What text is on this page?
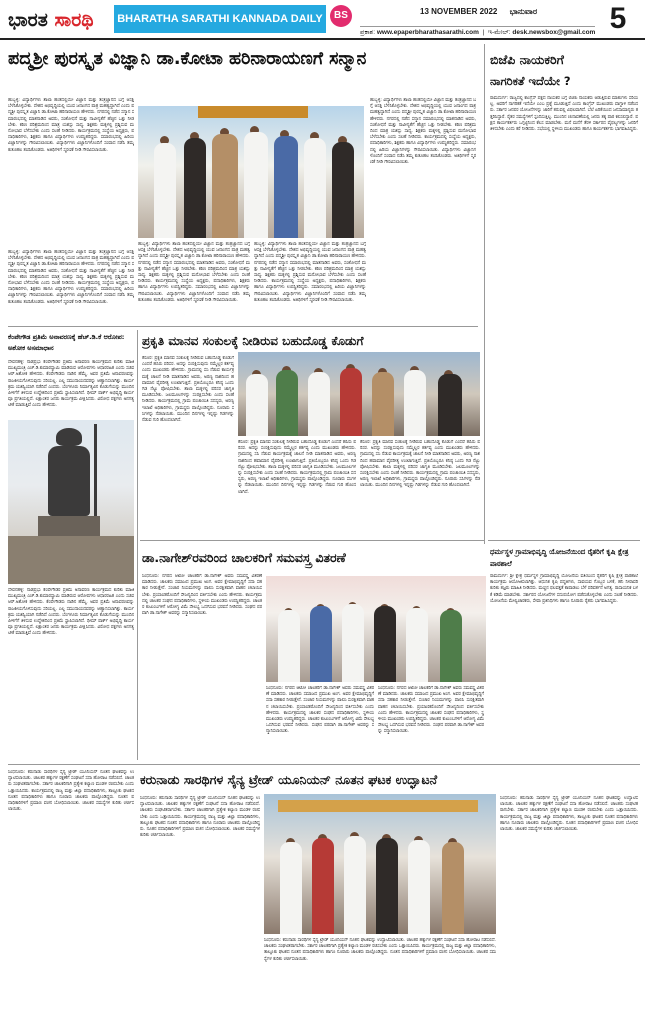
ಭಾರತ ಸಾರಥಿ	BHARATHA SARATHI KANNADA DAILY	BS	13 NOVEMBER 2022 ಭಾನುವಾರ	5
ಪ್ರಕಾಶ: www.epaperbharathasarathi.com  |  ಇ-ಮೇಲ್: desk.newsbox@gmail.com
ಪದ್ಮಶ್ರೀ ಪುರಸ್ಕೃತ ವಿಜ್ಞಾನಿ ಡಾ.ಕೋಟಾ ಹರಿನಾರಾಯಣಗೆ ಸನ್ಮಾನ
ಹುಬ್ಬಳ್ಳಿ: ವಿದ್ಯಾರ್ಥಿಗಳು ಶಾಲಾ ಹಂತದಲ್ಲಿಯೇ ವಿಜ್ಞಾನ ಮತ್ತು ತಂತ್ರಜ್ಞಾನದ ಬಗ್ಗೆ ಆಸಕ್ತಿ ಬೆಳೆಸಿಕೊಳ್ಳಬೇಕು. ದೇಶದ ಅಭಿವೃದ್ಧಿಯಲ್ಲಿ ಯುವ ಜನಾಂಗದ ಪಾತ್ರ ಮಹತ್ವದ್ದಾಗಿದೆ ಎಂದು ಪದ್ಮಶ್ರೀ ಪುರಸ್ಕೃತ ವಿಜ್ಞಾನಿ ಡಾ.ಕೋಟಾ ಹರಿನಾರಾಯಣ ಹೇಳಿದರು. ನಗರದಲ್ಲಿ ನಡೆದ ಸನ್ಮಾನ ಸಮಾರಂಭದಲ್ಲಿ ಮಾತನಾಡಿದ ಅವರು, ಸಂಶೋಧನೆ ಮತ್ತು ನಾವೀನ್ಯತೆಗೆ ಹೆಚ್ಚಿನ ಒತ್ತು ನೀಡಬೇಕು. ಕಠಿಣ ಪರಿಶ್ರಮದಿಂದ ಮಾತ್ರ ಯಶಸ್ಸು ಸಾಧ್ಯ. ಶಿಕ್ಷಕರು ಮಕ್ಕಳಲ್ಲಿ ಪ್ರಶ್ನಿಸುವ ಮನೋಭಾವ ಬೆಳೆಸಬೇಕು ಎಂದು ಸಲಹೆ ನೀಡಿದರು. ಕಾರ್ಯಕ್ರಮದಲ್ಲಿ ಸಂಸ್ಥೆಯ ಅಧ್ಯಕ್ಷರು, ಪದಾಧಿಕಾರಿಗಳು, ಶಿಕ್ಷಕರು ಹಾಗೂ ವಿದ್ಯಾರ್ಥಿಗಳು ಉಪಸ್ಥಿತರಿದ್ದರು. ಸಮಾರಂಭದಲ್ಲಿ ಹಿರಿಯ ವಿಜ್ಞಾನಿಗಳನ್ನು ಗೌರವಿಸಲಾಯಿತು. ವಿದ್ಯಾರ್ಥಿಗಳು ವಿಜ್ಞಾನಿಗಳೊಂದಿಗೆ ಸಂವಾದ ನಡೆಸಿ ತಮ್ಮ ಕುತೂಹಲ ತಣಿಸಿಕೊಂಡರು. ಅತಿಥಿಗಳಿಗೆ ಸ್ಮರಣಿಕೆ ನೀಡಿ ಗೌರವಿಸಲಾಯಿತು.
ಹುಬ್ಬಳ್ಳಿ: ವಿದ್ಯಾರ್ಥಿಗಳು ಶಾಲಾ ಹಂತದಲ್ಲಿಯೇ ವಿಜ್ಞಾನ ಮತ್ತು ತಂತ್ರಜ್ಞಾನದ ಬಗ್ಗೆ ಆಸಕ್ತಿ ಬೆಳೆಸಿಕೊಳ್ಳಬೇಕು. ದೇಶದ ಅಭಿವೃದ್ಧಿಯಲ್ಲಿ ಯುವ ಜನಾಂಗದ ಪಾತ್ರ ಮಹತ್ವದ್ದಾಗಿದೆ ಎಂದು ಪದ್ಮಶ್ರೀ ಪುರಸ್ಕೃತ ವಿಜ್ಞಾನಿ ಡಾ.ಕೋಟಾ ಹರಿನಾರಾಯಣ ಹೇಳಿದರು. ನಗರದಲ್ಲಿ ನಡೆದ ಸನ್ಮಾನ ಸಮಾರಂಭದಲ್ಲಿ ಮಾತನಾಡಿದ ಅವರು, ಸಂಶೋಧನೆ ಮತ್ತು ನಾವೀನ್ಯತೆಗೆ ಹೆಚ್ಚಿನ ಒತ್ತು ನೀಡಬೇಕು. ಕಠಿಣ ಪರಿಶ್ರಮದಿಂದ ಮಾತ್ರ ಯಶಸ್ಸು ಸಾಧ್ಯ. ಶಿಕ್ಷಕರು ಮಕ್ಕಳಲ್ಲಿ ಪ್ರಶ್ನಿಸುವ ಮನೋಭಾವ ಬೆಳೆಸಬೇಕು ಎಂದು ಸಲಹೆ ನೀಡಿದರು. ಕಾರ್ಯಕ್ರಮದಲ್ಲಿ ಸಂಸ್ಥೆಯ ಅಧ್ಯಕ್ಷರು, ಪದಾಧಿಕಾರಿಗಳು, ಶಿಕ್ಷಕರು ಹಾಗೂ ವಿದ್ಯಾರ್ಥಿಗಳು ಉಪಸ್ಥಿತರಿದ್ದರು. ಸಮಾರಂಭದಲ್ಲಿ ಹಿರಿಯ ವಿಜ್ಞಾನಿಗಳನ್ನು ಗೌರವಿಸಲಾಯಿತು. ವಿದ್ಯಾರ್ಥಿಗಳು ವಿಜ್ಞಾನಿಗಳೊಂದಿಗೆ ಸಂವಾದ ನಡೆಸಿ ತಮ್ಮ ಕುತೂಹಲ ತಣಿಸಿಕೊಂಡರು. ಅತಿಥಿಗಳಿಗೆ ಸ್ಮರಣಿಕೆ ನೀಡಿ ಗೌರವಿಸಲಾಯಿತು.
ಹುಬ್ಬಳ್ಳಿ: ವಿದ್ಯಾರ್ಥಿಗಳು ಶಾಲಾ ಹಂತದಲ್ಲಿಯೇ ವಿಜ್ಞಾನ ಮತ್ತು ತಂತ್ರಜ್ಞಾನದ ಬಗ್ಗೆ ಆಸಕ್ತಿ ಬೆಳೆಸಿಕೊಳ್ಳಬೇಕು. ದೇಶದ ಅಭಿವೃದ್ಧಿಯಲ್ಲಿ ಯುವ ಜನಾಂಗದ ಪಾತ್ರ ಮಹತ್ವದ್ದಾಗಿದೆ ಎಂದು ಪದ್ಮಶ್ರೀ ಪುರಸ್ಕೃತ ವಿಜ್ಞಾನಿ ಡಾ.ಕೋಟಾ ಹರಿನಾರಾಯಣ ಹೇಳಿದರು. ನಗರದಲ್ಲಿ ನಡೆದ ಸನ್ಮಾನ ಸಮಾರಂಭದಲ್ಲಿ ಮಾತನಾಡಿದ ಅವರು, ಸಂಶೋಧನೆ ಮತ್ತು ನಾವೀನ್ಯತೆಗೆ ಹೆಚ್ಚಿನ ಒತ್ತು ನೀಡಬೇಕು. ಕಠಿಣ ಪರಿಶ್ರಮದಿಂದ ಮಾತ್ರ ಯಶಸ್ಸು ಸಾಧ್ಯ. ಶಿಕ್ಷಕರು ಮಕ್ಕಳಲ್ಲಿ ಪ್ರಶ್ನಿಸುವ ಮನೋಭಾವ ಬೆಳೆಸಬೇಕು ಎಂದು ಸಲಹೆ ನೀಡಿದರು. ಕಾರ್ಯಕ್ರಮದಲ್ಲಿ ಸಂಸ್ಥೆಯ ಅಧ್ಯಕ್ಷರು, ಪದಾಧಿಕಾರಿಗಳು, ಶಿಕ್ಷಕರು ಹಾಗೂ ವಿದ್ಯಾರ್ಥಿಗಳು ಉಪಸ್ಥಿತರಿದ್ದರು. ಸಮಾರಂಭದಲ್ಲಿ ಹಿರಿಯ ವಿಜ್ಞಾನಿಗಳನ್ನು ಗೌರವಿಸಲಾಯಿತು. ವಿದ್ಯಾರ್ಥಿಗಳು ವಿಜ್ಞಾನಿಗಳೊಂದಿಗೆ ಸಂವಾದ ನಡೆಸಿ ತಮ್ಮ ಕುತೂಹಲ ತಣಿಸಿಕೊಂಡರು. ಅತಿಥಿಗಳಿಗೆ ಸ್ಮರಣಿಕೆ ನೀಡಿ ಗೌರವಿಸಲಾಯಿತು.
ಹುಬ್ಬಳ್ಳಿ: ವಿದ್ಯಾರ್ಥಿಗಳು ಶಾಲಾ ಹಂತದಲ್ಲಿಯೇ ವಿಜ್ಞಾನ ಮತ್ತು ತಂತ್ರಜ್ಞಾನದ ಬಗ್ಗೆ ಆಸಕ್ತಿ ಬೆಳೆಸಿಕೊಳ್ಳಬೇಕು. ದೇಶದ ಅಭಿವೃದ್ಧಿಯಲ್ಲಿ ಯುವ ಜನಾಂಗದ ಪಾತ್ರ ಮಹತ್ವದ್ದಾಗಿದೆ ಎಂದು ಪದ್ಮಶ್ರೀ ಪುರಸ್ಕೃತ ವಿಜ್ಞಾನಿ ಡಾ.ಕೋಟಾ ಹರಿನಾರಾಯಣ ಹೇಳಿದರು. ನಗರದಲ್ಲಿ ನಡೆದ ಸನ್ಮಾನ ಸಮಾರಂಭದಲ್ಲಿ ಮಾತನಾಡಿದ ಅವರು, ಸಂಶೋಧನೆ ಮತ್ತು ನಾವೀನ್ಯತೆಗೆ ಹೆಚ್ಚಿನ ಒತ್ತು ನೀಡಬೇಕು. ಕಠಿಣ ಪರಿಶ್ರಮದಿಂದ ಮಾತ್ರ ಯಶಸ್ಸು ಸಾಧ್ಯ. ಶಿಕ್ಷಕರು ಮಕ್ಕಳಲ್ಲಿ ಪ್ರಶ್ನಿಸುವ ಮನೋಭಾವ ಬೆಳೆಸಬೇಕು ಎಂದು ಸಲಹೆ ನೀಡಿದರು. ಕಾರ್ಯಕ್ರಮದಲ್ಲಿ ಸಂಸ್ಥೆಯ ಅಧ್ಯಕ್ಷರು, ಪದಾಧಿಕಾರಿಗಳು, ಶಿಕ್ಷಕರು ಹಾಗೂ ವಿದ್ಯಾರ್ಥಿಗಳು ಉಪಸ್ಥಿತರಿದ್ದರು. ಸಮಾರಂಭದಲ್ಲಿ ಹಿರಿಯ ವಿಜ್ಞಾನಿಗಳನ್ನು ಗೌರವಿಸಲಾಯಿತು. ವಿದ್ಯಾರ್ಥಿಗಳು ವಿಜ್ಞಾನಿಗಳೊಂದಿಗೆ ಸಂವಾದ ನಡೆಸಿ ತಮ್ಮ ಕುತೂಹಲ ತಣಿಸಿಕೊಂಡರು. ಅತಿಥಿಗಳಿಗೆ ಸ್ಮರಣಿಕೆ ನೀಡಿ ಗೌರವಿಸಲಾಯಿತು.
ಹುಬ್ಬಳ್ಳಿ: ವಿದ್ಯಾರ್ಥಿಗಳು ಶಾಲಾ ಹಂತದಲ್ಲಿಯೇ ವಿಜ್ಞಾನ ಮತ್ತು ತಂತ್ರಜ್ಞಾನದ ಬಗ್ಗೆ ಆಸಕ್ತಿ ಬೆಳೆಸಿಕೊಳ್ಳಬೇಕು. ದೇಶದ ಅಭಿವೃದ್ಧಿಯಲ್ಲಿ ಯುವ ಜನಾಂಗದ ಪಾತ್ರ ಮಹತ್ವದ್ದಾಗಿದೆ ಎಂದು ಪದ್ಮಶ್ರೀ ಪುರಸ್ಕೃತ ವಿಜ್ಞಾನಿ ಡಾ.ಕೋಟಾ ಹರಿನಾರಾಯಣ ಹೇಳಿದರು. ನಗರದಲ್ಲಿ ನಡೆದ ಸನ್ಮಾನ ಸಮಾರಂಭದಲ್ಲಿ ಮಾತನಾಡಿದ ಅವರು, ಸಂಶೋಧನೆ ಮತ್ತು ನಾವೀನ್ಯತೆಗೆ ಹೆಚ್ಚಿನ ಒತ್ತು ನೀಡಬೇಕು. ಕಠಿಣ ಪರಿಶ್ರಮದಿಂದ ಮಾತ್ರ ಯಶಸ್ಸು ಸಾಧ್ಯ. ಶಿಕ್ಷಕರು ಮಕ್ಕಳಲ್ಲಿ ಪ್ರಶ್ನಿಸುವ ಮನೋಭಾವ ಬೆಳೆಸಬೇಕು ಎಂದು ಸಲಹೆ ನೀಡಿದರು. ಕಾರ್ಯಕ್ರಮದಲ್ಲಿ ಸಂಸ್ಥೆಯ ಅಧ್ಯಕ್ಷರು, ಪದಾಧಿಕಾರಿಗಳು, ಶಿಕ್ಷಕರು ಹಾಗೂ ವಿದ್ಯಾರ್ಥಿಗಳು ಉಪಸ್ಥಿತರಿದ್ದರು. ಸಮಾರಂಭದಲ್ಲಿ ಹಿರಿಯ ವಿಜ್ಞಾನಿಗಳನ್ನು ಗೌರವಿಸಲಾಯಿತು. ವಿದ್ಯಾರ್ಥಿಗಳು ವಿಜ್ಞಾನಿಗಳೊಂದಿಗೆ ಸಂವಾದ ನಡೆಸಿ ತಮ್ಮ ಕುತೂಹಲ ತಣಿಸಿಕೊಂಡರು. ಅತಿಥಿಗಳಿಗೆ ಸ್ಮರಣಿಕೆ ನೀಡಿ ಗೌರವಿಸಲಾಯಿತು.
ಬಿಜೆಪಿ ನಾಯಕರಿಗೆ
ನಾಗರಿಕತೆ ಇದೆಯೇ ?
ರಾಮದುರ್ಗ: ರಾಜ್ಯದಲ್ಲಿ ಕಾಂಗ್ರೆಸ್ ಪಕ್ಷದ ನಾಯಕರ ಬಗ್ಗೆ ಬಿಜೆಪಿ ನಾಯಕರು ಆಡುತ್ತಿರುವ ಮಾತುಗಳು ಸರಿಯಲ್ಲ. ಅವರಿಗೆ ನಾಗರಿಕತೆ ಇದೆಯೇ ಎಂಬ ಪ್ರಶ್ನೆ ಮೂಡುತ್ತಿದೆ ಎಂದು ಕಾಂಗ್ರೆಸ್ ಮುಖಂಡರು ವಾಗ್ದಾಳಿ ನಡೆಸಿದರು. ಸರ್ಕಾರ ಜನಪರ ಯೋಜನೆಗಳನ್ನು ಜಾರಿಗೆ ತರುವಲ್ಲಿ ವಿಫಲವಾಗಿದೆ. ಬೆಲೆ ಏರಿಕೆಯಿಂದ ಜನಸಾಮಾನ್ಯರು ತತ್ತರಿಸಿದ್ದಾರೆ. ರೈತರ ಸಮಸ್ಯೆಗಳಿಗೆ ಸ್ಪಂದಿಸುತ್ತಿಲ್ಲ. ಮುಂದಿನ ಚುನಾವಣೆಯಲ್ಲಿ ಜನರು ತಕ್ಕ ಪಾಠ ಕಲಿಸಲಿದ್ದಾರೆ. ಪಕ್ಷದ ಕಾರ್ಯಕರ್ತರು ಒಗ್ಗಟ್ಟಿನಿಂದ ಕೆಲಸ ಮಾಡಬೇಕು. ಮನೆ ಮನೆಗೆ ತೆರಳಿ ಸರ್ಕಾರದ ವೈಫಲ್ಯಗಳನ್ನು ಜನರಿಗೆ ತಿಳಿಸಬೇಕು ಎಂದು ಕರೆ ನೀಡಿದರು. ಸಭೆಯಲ್ಲಿ ಸ್ಥಳೀಯ ಮುಖಂಡರು ಹಾಗೂ ಕಾರ್ಯಕರ್ತರು ಭಾಗವಹಿಸಿದ್ದರು.
ಕೆಂಪೇಗೌಡ ಪ್ರತಿಮೆ ಅನಾವರಣಕ್ಕೆ ಹೆಚ್.ಡಿ.ಕೆ ಆರೋಪ: ಅಶೋಕ ಅಸಮಾಧಾನ
ದೇವನಹಳ್ಳಿ: ನಾಡಪ್ರಭು ಕೆಂಪೇಗೌಡರ ಪ್ರತಿಮೆ ಅನಾವರಣ ಕಾರ್ಯಕ್ರಮದ ಕುರಿತು ಮಾಜಿ ಮುಖ್ಯಮಂತ್ರಿ ಎಚ್.ಡಿ.ಕುಮಾರಸ್ವಾಮಿ ಮಾಡಿರುವ ಆರೋಪಗಳು ಆಧಾರರಹಿತ ಎಂದು ಸಚಿವ ಆರ್.ಅಶೋಕ ಹೇಳಿದರು. ಕೆಂಪೇಗೌಡರು ನಾಡಿನ ಹೆಮ್ಮೆ. ಅವರ ಪ್ರತಿಮೆ ಅನಾವರಣವನ್ನು ರಾಜಕೀಯಗೊಳಿಸುವುದು ಸರಿಯಲ್ಲ. ಎಲ್ಲ ಸಮುದಾಯದವರನ್ನು ಆಹ್ವಾನಿಸಲಾಗಿತ್ತು. ಕಾರ್ಯಕ್ರಮ ಯಶಸ್ವಿಯಾಗಿ ನಡೆದಿದೆ ಎಂದರು. ಬೆಂಗಳೂರು ನಿರ್ಮಾತೃವಿನ ಕೊಡುಗೆಯನ್ನು ಮುಂದಿನ ಪೀಳಿಗೆಗೆ ತಿಳಿಸುವ ಉದ್ದೇಶದಿಂದ ಪ್ರತಿಮೆ ಸ್ಥಾಪಿಸಲಾಗಿದೆ. ಥೀಮ್ ಪಾರ್ಕ್ ಅಭಿವೃದ್ಧಿ ಕಾರ್ಯವೂ ಪ್ರಗತಿಯಲ್ಲಿದೆ. ಲಕ್ಷಾಂತರ ಜನರು ಕಾರ್ಯಕ್ರಮ ವೀಕ್ಷಿಸಿದರು. ವಿರೋಧ ಪಕ್ಷಗಳು ಅನಗತ್ಯ ಟೀಕೆ ಮಾಡುತ್ತಿವೆ ಎಂದು ಹೇಳಿದರು.
ದೇವನಹಳ್ಳಿ: ನಾಡಪ್ರಭು ಕೆಂಪೇಗೌಡರ ಪ್ರತಿಮೆ ಅನಾವರಣ ಕಾರ್ಯಕ್ರಮದ ಕುರಿತು ಮಾಜಿ ಮುಖ್ಯಮಂತ್ರಿ ಎಚ್.ಡಿ.ಕುಮಾರಸ್ವಾಮಿ ಮಾಡಿರುವ ಆರೋಪಗಳು ಆಧಾರರಹಿತ ಎಂದು ಸಚಿವ ಆರ್.ಅಶೋಕ ಹೇಳಿದರು. ಕೆಂಪೇಗೌಡರು ನಾಡಿನ ಹೆಮ್ಮೆ. ಅವರ ಪ್ರತಿಮೆ ಅನಾವರಣವನ್ನು ರಾಜಕೀಯಗೊಳಿಸುವುದು ಸರಿಯಲ್ಲ. ಎಲ್ಲ ಸಮುದಾಯದವರನ್ನು ಆಹ್ವಾನಿಸಲಾಗಿತ್ತು. ಕಾರ್ಯಕ್ರಮ ಯಶಸ್ವಿಯಾಗಿ ನಡೆದಿದೆ ಎಂದರು. ಬೆಂಗಳೂರು ನಿರ್ಮಾತೃವಿನ ಕೊಡುಗೆಯನ್ನು ಮುಂದಿನ ಪೀಳಿಗೆಗೆ ತಿಳಿಸುವ ಉದ್ದೇಶದಿಂದ ಪ್ರತಿಮೆ ಸ್ಥಾಪಿಸಲಾಗಿದೆ. ಥೀಮ್ ಪಾರ್ಕ್ ಅಭಿವೃದ್ಧಿ ಕಾರ್ಯವೂ ಪ್ರಗತಿಯಲ್ಲಿದೆ. ಲಕ್ಷಾಂತರ ಜನರು ಕಾರ್ಯಕ್ರಮ ವೀಕ್ಷಿಸಿದರು. ವಿರೋಧ ಪಕ್ಷಗಳು ಅನಗತ್ಯ ಟೀಕೆ ಮಾಡುತ್ತಿವೆ ಎಂದು ಹೇಳಿದರು.
ಪ್ರಕೃತಿ ಮಾನವ ಸಂಕುಲಕ್ಕೆ ನೀಡಿರುವ ಬಹುದೊಡ್ಡ ಕೊಡುಗೆ
ಕೆರೂರ: ಪ್ರಕೃತಿ ಮಾನವ ಸಂಕುಲಕ್ಕೆ ನೀಡಿರುವ ಬಹುದೊಡ್ಡ ಕೊಡುಗೆ ಎಂದರೆ ಹಸಿರು ಪರಿಸರ. ಅದನ್ನು ಸಂರಕ್ಷಿಸುವುದು ನಮ್ಮೆಲ್ಲರ ಕರ್ತವ್ಯ ಎಂದು ಮುಖಂಡರು ಹೇಳಿದರು. ಗ್ರಾಮದಲ್ಲಿ ಸಸಿ ನೆಡುವ ಕಾರ್ಯಕ್ರಮಕ್ಕೆ ಚಾಲನೆ ನೀಡಿ ಮಾತನಾಡಿದ ಅವರು, ಅರಣ್ಯ ನಾಶದಿಂದ ಹವಾಮಾನ ವೈಪರೀತ್ಯ ಉಂಟಾಗುತ್ತಿದೆ. ಪ್ರತಿಯೊಬ್ಬರೂ ಕನಿಷ್ಠ ಒಂದು ಗಿಡ ನೆಟ್ಟು ಪೋಷಿಸಬೇಕು. ಶಾಲಾ ಮಕ್ಕಳಲ್ಲಿ ಪರಿಸರ ಜಾಗೃತಿ ಮೂಡಿಸಬೇಕು. ಜಲಮೂಲಗಳನ್ನು ಸಂರಕ್ಷಿಸಬೇಕು ಎಂದು ಸಲಹೆ ನೀಡಿದರು. ಕಾರ್ಯಕ್ರಮದಲ್ಲಿ ಗ್ರಾಮ ಪಂಚಾಯಿತಿ ಸದಸ್ಯರು, ಅರಣ್ಯ ಇಲಾಖೆ ಅಧಿಕಾರಿಗಳು, ಗ್ರಾಮಸ್ಥರು ಪಾಲ್ಗೊಂಡಿದ್ದರು. ನೂರಾರು ಸಸಿಗಳನ್ನು ನೆಡಲಾಯಿತು. ಮುಂದಿನ ದಿನಗಳಲ್ಲಿ ಇನ್ನಷ್ಟು ಗಿಡಗಳನ್ನು ನೆಡುವ ಗುರಿ ಹೊಂದಲಾಗಿದೆ.
ಕೆರೂರ: ಪ್ರಕೃತಿ ಮಾನವ ಸಂಕುಲಕ್ಕೆ ನೀಡಿರುವ ಬಹುದೊಡ್ಡ ಕೊಡುಗೆ ಎಂದರೆ ಹಸಿರು ಪರಿಸರ. ಅದನ್ನು ಸಂರಕ್ಷಿಸುವುದು ನಮ್ಮೆಲ್ಲರ ಕರ್ತವ್ಯ ಎಂದು ಮುಖಂಡರು ಹೇಳಿದರು. ಗ್ರಾಮದಲ್ಲಿ ಸಸಿ ನೆಡುವ ಕಾರ್ಯಕ್ರಮಕ್ಕೆ ಚಾಲನೆ ನೀಡಿ ಮಾತನಾಡಿದ ಅವರು, ಅರಣ್ಯ ನಾಶದಿಂದ ಹವಾಮಾನ ವೈಪರೀತ್ಯ ಉಂಟಾಗುತ್ತಿದೆ. ಪ್ರತಿಯೊಬ್ಬರೂ ಕನಿಷ್ಠ ಒಂದು ಗಿಡ ನೆಟ್ಟು ಪೋಷಿಸಬೇಕು. ಶಾಲಾ ಮಕ್ಕಳಲ್ಲಿ ಪರಿಸರ ಜಾಗೃತಿ ಮೂಡಿಸಬೇಕು. ಜಲಮೂಲಗಳನ್ನು ಸಂರಕ್ಷಿಸಬೇಕು ಎಂದು ಸಲಹೆ ನೀಡಿದರು. ಕಾರ್ಯಕ್ರಮದಲ್ಲಿ ಗ್ರಾಮ ಪಂಚಾಯಿತಿ ಸದಸ್ಯರು, ಅರಣ್ಯ ಇಲಾಖೆ ಅಧಿಕಾರಿಗಳು, ಗ್ರಾಮಸ್ಥರು ಪಾಲ್ಗೊಂಡಿದ್ದರು. ನೂರಾರು ಸಸಿಗಳನ್ನು ನೆಡಲಾಯಿತು. ಮುಂದಿನ ದಿನಗಳಲ್ಲಿ ಇನ್ನಷ್ಟು ಗಿಡಗಳನ್ನು ನೆಡುವ ಗುರಿ ಹೊಂದಲಾಗಿದೆ.
ಕೆರೂರ: ಪ್ರಕೃತಿ ಮಾನವ ಸಂಕುಲಕ್ಕೆ ನೀಡಿರುವ ಬಹುದೊಡ್ಡ ಕೊಡುಗೆ ಎಂದರೆ ಹಸಿರು ಪರಿಸರ. ಅದನ್ನು ಸಂರಕ್ಷಿಸುವುದು ನಮ್ಮೆಲ್ಲರ ಕರ್ತವ್ಯ ಎಂದು ಮುಖಂಡರು ಹೇಳಿದರು. ಗ್ರಾಮದಲ್ಲಿ ಸಸಿ ನೆಡುವ ಕಾರ್ಯಕ್ರಮಕ್ಕೆ ಚಾಲನೆ ನೀಡಿ ಮಾತನಾಡಿದ ಅವರು, ಅರಣ್ಯ ನಾಶದಿಂದ ಹವಾಮಾನ ವೈಪರೀತ್ಯ ಉಂಟಾಗುತ್ತಿದೆ. ಪ್ರತಿಯೊಬ್ಬರೂ ಕನಿಷ್ಠ ಒಂದು ಗಿಡ ನೆಟ್ಟು ಪೋಷಿಸಬೇಕು. ಶಾಲಾ ಮಕ್ಕಳಲ್ಲಿ ಪರಿಸರ ಜಾಗೃತಿ ಮೂಡಿಸಬೇಕು. ಜಲಮೂಲಗಳನ್ನು ಸಂರಕ್ಷಿಸಬೇಕು ಎಂದು ಸಲಹೆ ನೀಡಿದರು. ಕಾರ್ಯಕ್ರಮದಲ್ಲಿ ಗ್ರಾಮ ಪಂಚಾಯಿತಿ ಸದಸ್ಯರು, ಅರಣ್ಯ ಇಲಾಖೆ ಅಧಿಕಾರಿಗಳು, ಗ್ರಾಮಸ್ಥರು ಪಾಲ್ಗೊಂಡಿದ್ದರು. ನೂರಾರು ಸಸಿಗಳನ್ನು ನೆಡಲಾಯಿತು. ಮುಂದಿನ ದಿನಗಳಲ್ಲಿ ಇನ್ನಷ್ಟು ಗಿಡಗಳನ್ನು ನೆಡುವ ಗುರಿ ಹೊಂದಲಾಗಿದೆ.
ಧರ್ಮಸ್ಥಳ ಗ್ರಾಮಾಭಿವೃದ್ಧಿ ಯೋಜನೆಯಿಂದ ರೈತರಿಗೆ ಕೃಷಿ ಕ್ಷೇತ್ರ ಪಾಠಶಾಲೆ
ರಾಮದುರ್ಗ: ಶ್ರೀ ಕ್ಷೇತ್ರ ಧರ್ಮಸ್ಥಳ ಗ್ರಾಮಾಭಿವೃದ್ಧಿ ಯೋಜನೆಯ ವತಿಯಿಂದ ರೈತರಿಗೆ ಕೃಷಿ ಕ್ಷೇತ್ರ ಪಾಠಶಾಲೆ ಕಾರ್ಯಕ್ರಮ ಆಯೋಜಿಸಲಾಗಿತ್ತು. ಆಧುನಿಕ ಕೃಷಿ ಪದ್ಧತಿಗಳು, ಸಾವಯವ ಗೊಬ್ಬರ ಬಳಕೆ, ಹನಿ ನೀರಾವರಿ ಕುರಿತು ತಜ್ಞರು ಮಾಹಿತಿ ನೀಡಿದರು. ಮಣ್ಣಿನ ಫಲವತ್ತತೆ ಕಾಪಾಡಲು ಬೆಳೆ ಪರಿವರ್ತನೆ ಅಗತ್ಯ. ರಾಸಾಯನಿಕ ಬಳಕೆ ಕಡಿಮೆ ಮಾಡಬೇಕು. ಸರ್ಕಾರದ ಯೋಜನೆಗಳ ಸದುಪಯೋಗ ಪಡೆದುಕೊಳ್ಳಬೇಕು ಎಂದು ಸಲಹೆ ನೀಡಿದರು. ಯೋಜನೆಯ ಮೇಲ್ವಿಚಾರಕರು, ಸೇವಾ ಪ್ರತಿನಿಧಿಗಳು ಹಾಗೂ ನೂರಾರು ರೈತರು ಭಾಗವಹಿಸಿದ್ದರು.
ಡಾ.ನಾಗೇಶ್‌ರವರಿಂದ ಚಾಲಕರಿಗೆ ಸಮವಸ್ತ್ರ ವಿತರಣೆ
ಸಿಂಧನೂರು: ನಗರದ ಆಟೋ ಚಾಲಕರಿಗೆ ಡಾ.ನಾಗೇಶ್ ಅವರು ಸಮವಸ್ತ್ರ ವಿತರಣೆ ಮಾಡಿದರು. ಚಾಲಕರು ಸಮಾಜದ ಪ್ರಮುಖ ಅಂಗ. ಅವರ ಕ್ಷೇಮಾಭಿವೃದ್ಧಿಗೆ ಸದಾ ಸಹಕಾರ ನೀಡುತ್ತೇನೆ. ಸಂಚಾರ ನಿಯಮಗಳನ್ನು ಪಾಲಿಸಿ ಸುರಕ್ಷಿತವಾಗಿ ವಾಹನ ಚಲಾಯಿಸಬೇಕು. ಪ್ರಯಾಣಿಕರೊಂದಿಗೆ ಸೌಜನ್ಯದಿಂದ ವರ್ತಿಸಬೇಕು ಎಂದು ಹೇಳಿದರು. ಕಾರ್ಯಕ್ರಮದಲ್ಲಿ ಚಾಲಕರ ಸಂಘದ ಪದಾಧಿಕಾರಿಗಳು, ಸ್ಥಳೀಯ ಮುಖಂಡರು ಉಪಸ್ಥಿತರಿದ್ದರು. ಚಾಲಕರ ಕುಟುಂಬಗಳಿಗೆ ಆರೋಗ್ಯ ವಿಮೆ ಸೌಲಭ್ಯ ಒದಗಿಸುವ ಭರವಸೆ ನೀಡಿದರು. ಸಂಘದ ಪರವಾಗಿ ಡಾ.ನಾಗೇಶ್ ಅವರನ್ನು ಸನ್ಮಾನಿಸಲಾಯಿತು.
ಸಿಂಧನೂರು: ನಗರದ ಆಟೋ ಚಾಲಕರಿಗೆ ಡಾ.ನಾಗೇಶ್ ಅವರು ಸಮವಸ್ತ್ರ ವಿತರಣೆ ಮಾಡಿದರು. ಚಾಲಕರು ಸಮಾಜದ ಪ್ರಮುಖ ಅಂಗ. ಅವರ ಕ್ಷೇಮಾಭಿವೃದ್ಧಿಗೆ ಸದಾ ಸಹಕಾರ ನೀಡುತ್ತೇನೆ. ಸಂಚಾರ ನಿಯಮಗಳನ್ನು ಪಾಲಿಸಿ ಸುರಕ್ಷಿತವಾಗಿ ವಾಹನ ಚಲಾಯಿಸಬೇಕು. ಪ್ರಯಾಣಿಕರೊಂದಿಗೆ ಸೌಜನ್ಯದಿಂದ ವರ್ತಿಸಬೇಕು ಎಂದು ಹೇಳಿದರು. ಕಾರ್ಯಕ್ರಮದಲ್ಲಿ ಚಾಲಕರ ಸಂಘದ ಪದಾಧಿಕಾರಿಗಳು, ಸ್ಥಳೀಯ ಮುಖಂಡರು ಉಪಸ್ಥಿತರಿದ್ದರು. ಚಾಲಕರ ಕುಟುಂಬಗಳಿಗೆ ಆರೋಗ್ಯ ವಿಮೆ ಸೌಲಭ್ಯ ಒದಗಿಸುವ ಭರವಸೆ ನೀಡಿದರು. ಸಂಘದ ಪರವಾಗಿ ಡಾ.ನಾಗೇಶ್ ಅವರನ್ನು ಸನ್ಮಾನಿಸಲಾಯಿತು.
ಸಿಂಧನೂರು: ನಗರದ ಆಟೋ ಚಾಲಕರಿಗೆ ಡಾ.ನಾಗೇಶ್ ಅವರು ಸಮವಸ್ತ್ರ ವಿತರಣೆ ಮಾಡಿದರು. ಚಾಲಕರು ಸಮಾಜದ ಪ್ರಮುಖ ಅಂಗ. ಅವರ ಕ್ಷೇಮಾಭಿವೃದ್ಧಿಗೆ ಸದಾ ಸಹಕಾರ ನೀಡುತ್ತೇನೆ. ಸಂಚಾರ ನಿಯಮಗಳನ್ನು ಪಾಲಿಸಿ ಸುರಕ್ಷಿತವಾಗಿ ವಾಹನ ಚಲಾಯಿಸಬೇಕು. ಪ್ರಯಾಣಿಕರೊಂದಿಗೆ ಸೌಜನ್ಯದಿಂದ ವರ್ತಿಸಬೇಕು ಎಂದು ಹೇಳಿದರು. ಕಾರ್ಯಕ್ರಮದಲ್ಲಿ ಚಾಲಕರ ಸಂಘದ ಪದಾಧಿಕಾರಿಗಳು, ಸ್ಥಳೀಯ ಮುಖಂಡರು ಉಪಸ್ಥಿತರಿದ್ದರು. ಚಾಲಕರ ಕುಟುಂಬಗಳಿಗೆ ಆರೋಗ್ಯ ವಿಮೆ ಸೌಲಭ್ಯ ಒದಗಿಸುವ ಭರವಸೆ ನೀಡಿದರು. ಸಂಘದ ಪರವಾಗಿ ಡಾ.ನಾಗೇಶ್ ಅವರನ್ನು ಸನ್ಮಾನಿಸಲಾಯಿತು.
ಕರುನಾಡು ಸಾರಥಿಗಳ ಸೈನ್ಯ ಟ್ರೇಡ್ ಯೂನಿಯನ್ ನೂತನ ಘಟಕ ಉದ್ಘಾಟನೆ
ಸಿಂಧನೂರು: ಕರುನಾಡು ಸಾರಥಿಗಳ ಸೈನ್ಯ ಟ್ರೇಡ್ ಯೂನಿಯನ್ ನೂತನ ಘಟಕವನ್ನು ಉದ್ಘಾಟಿಸಲಾಯಿತು. ಚಾಲಕರ ಹಕ್ಕುಗಳ ರಕ್ಷಣೆಗೆ ಸಂಘಟನೆ ಸದಾ ಹೋರಾಟ ನಡೆಸಲಿದೆ. ಚಾಲಕರು ಸಂಘಟಿತರಾಗಬೇಕು. ಸರ್ಕಾರ ಚಾಲಕರಿಗಾಗಿ ಪ್ರತ್ಯೇಕ ಕಲ್ಯಾಣ ಮಂಡಳಿ ರಚಿಸಬೇಕು ಎಂದು ಒತ್ತಾಯಿಸಿದರು. ಕಾರ್ಯಕ್ರಮದಲ್ಲಿ ರಾಜ್ಯ ಮತ್ತು ಜಿಲ್ಲಾ ಪದಾಧಿಕಾರಿಗಳು, ತಾಲ್ಲೂಕು ಘಟಕದ ನೂತನ ಪದಾಧಿಕಾರಿಗಳು ಹಾಗೂ ನೂರಾರು ಚಾಲಕರು ಪಾಲ್ಗೊಂಡಿದ್ದರು. ನೂತನ ಪದಾಧಿಕಾರಿಗಳಿಗೆ ಪ್ರಮಾಣ ವಚನ ಬೋಧಿಸಲಾಯಿತು. ಚಾಲಕರ ಸಮಸ್ಯೆಗಳ ಕುರಿತು ಚರ್ಚಿಸಲಾಯಿತು.
ಸಿಂಧನೂರು: ಕರುನಾಡು ಸಾರಥಿಗಳ ಸೈನ್ಯ ಟ್ರೇಡ್ ಯೂನಿಯನ್ ನೂತನ ಘಟಕವನ್ನು ಉದ್ಘಾಟಿಸಲಾಯಿತು. ಚಾಲಕರ ಹಕ್ಕುಗಳ ರಕ್ಷಣೆಗೆ ಸಂಘಟನೆ ಸದಾ ಹೋರಾಟ ನಡೆಸಲಿದೆ. ಚಾಲಕರು ಸಂಘಟಿತರಾಗಬೇಕು. ಸರ್ಕಾರ ಚಾಲಕರಿಗಾಗಿ ಪ್ರತ್ಯೇಕ ಕಲ್ಯಾಣ ಮಂಡಳಿ ರಚಿಸಬೇಕು ಎಂದು ಒತ್ತಾಯಿಸಿದರು. ಕಾರ್ಯಕ್ರಮದಲ್ಲಿ ರಾಜ್ಯ ಮತ್ತು ಜಿಲ್ಲಾ ಪದಾಧಿಕಾರಿಗಳು, ತಾಲ್ಲೂಕು ಘಟಕದ ನೂತನ ಪದಾಧಿಕಾರಿಗಳು ಹಾಗೂ ನೂರಾರು ಚಾಲಕರು ಪಾಲ್ಗೊಂಡಿದ್ದರು. ನೂತನ ಪದಾಧಿಕಾರಿಗಳಿಗೆ ಪ್ರಮಾಣ ವಚನ ಬೋಧಿಸಲಾಯಿತು. ಚಾಲಕರ ಸಮಸ್ಯೆಗಳ ಕುರಿತು ಚರ್ಚಿಸಲಾಯಿತು.
ಸಿಂಧನೂರು: ಕರುನಾಡು ಸಾರಥಿಗಳ ಸೈನ್ಯ ಟ್ರೇಡ್ ಯೂನಿಯನ್ ನೂತನ ಘಟಕವನ್ನು ಉದ್ಘಾಟಿಸಲಾಯಿತು. ಚಾಲಕರ ಹಕ್ಕುಗಳ ರಕ್ಷಣೆಗೆ ಸಂಘಟನೆ ಸದಾ ಹೋರಾಟ ನಡೆಸಲಿದೆ. ಚಾಲಕರು ಸಂಘಟಿತರಾಗಬೇಕು. ಸರ್ಕಾರ ಚಾಲಕರಿಗಾಗಿ ಪ್ರತ್ಯೇಕ ಕಲ್ಯಾಣ ಮಂಡಳಿ ರಚಿಸಬೇಕು ಎಂದು ಒತ್ತಾಯಿಸಿದರು. ಕಾರ್ಯಕ್ರಮದಲ್ಲಿ ರಾಜ್ಯ ಮತ್ತು ಜಿಲ್ಲಾ ಪದಾಧಿಕಾರಿಗಳು, ತಾಲ್ಲೂಕು ಘಟಕದ ನೂತನ ಪದಾಧಿಕಾರಿಗಳು ಹಾಗೂ ನೂರಾರು ಚಾಲಕರು ಪಾಲ್ಗೊಂಡಿದ್ದರು. ನೂತನ ಪದಾಧಿಕಾರಿಗಳಿಗೆ ಪ್ರಮಾಣ ವಚನ ಬೋಧಿಸಲಾಯಿತು. ಚಾಲಕರ ಸಮಸ್ಯೆಗಳ ಕುರಿತು ಚರ್ಚಿಸಲಾಯಿತು.
ಸಿಂಧನೂರು: ಕರುನಾಡು ಸಾರಥಿಗಳ ಸೈನ್ಯ ಟ್ರೇಡ್ ಯೂನಿಯನ್ ನೂತನ ಘಟಕವನ್ನು ಉದ್ಘಾಟಿಸಲಾಯಿತು. ಚಾಲಕರ ಹಕ್ಕುಗಳ ರಕ್ಷಣೆಗೆ ಸಂಘಟನೆ ಸದಾ ಹೋರಾಟ ನಡೆಸಲಿದೆ. ಚಾಲಕರು ಸಂಘಟಿತರಾಗಬೇಕು. ಸರ್ಕಾರ ಚಾಲಕರಿಗಾಗಿ ಪ್ರತ್ಯೇಕ ಕಲ್ಯಾಣ ಮಂಡಳಿ ರಚಿಸಬೇಕು ಎಂದು ಒತ್ತಾಯಿಸಿದರು. ಕಾರ್ಯಕ್ರಮದಲ್ಲಿ ರಾಜ್ಯ ಮತ್ತು ಜಿಲ್ಲಾ ಪದಾಧಿಕಾರಿಗಳು, ತಾಲ್ಲೂಕು ಘಟಕದ ನೂತನ ಪದಾಧಿಕಾರಿಗಳು ಹಾಗೂ ನೂರಾರು ಚಾಲಕರು ಪಾಲ್ಗೊಂಡಿದ್ದರು. ನೂತನ ಪದಾಧಿಕಾರಿಗಳಿಗೆ ಪ್ರಮಾಣ ವಚನ ಬೋಧಿಸಲಾಯಿತು. ಚಾಲಕರ ಸಮಸ್ಯೆಗಳ ಕುರಿತು ಚರ್ಚಿಸಲಾಯಿತು.
